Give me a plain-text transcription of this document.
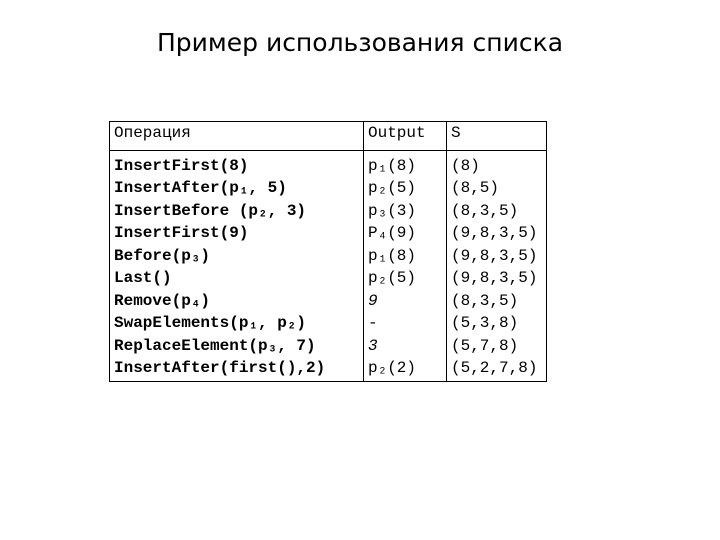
Пример использования списка
Операция	Output	S
InsertFirst(8)	p₁(8)	(8)
InsertAfter(p₁, 5)	p₂(5)	(8,5)
InsertBefore (p₂, 3)	p₃(3)	(8,3,5)
InsertFirst(9)	P₄(9)	(9,8,3,5)
Before(p₃)	p₁(8)	(9,8,3,5)
Last()	p₂(5)	(9,8,3,5)
Remove(p₄)	9	(8,3,5)
SwapElements(p₁, p₂)	-	(5,3,8)
ReplaceElement(p₃, 7)	3	(5,7,8)
InsertAfter(first(),2)	p₂(2)	(5,2,7,8)
